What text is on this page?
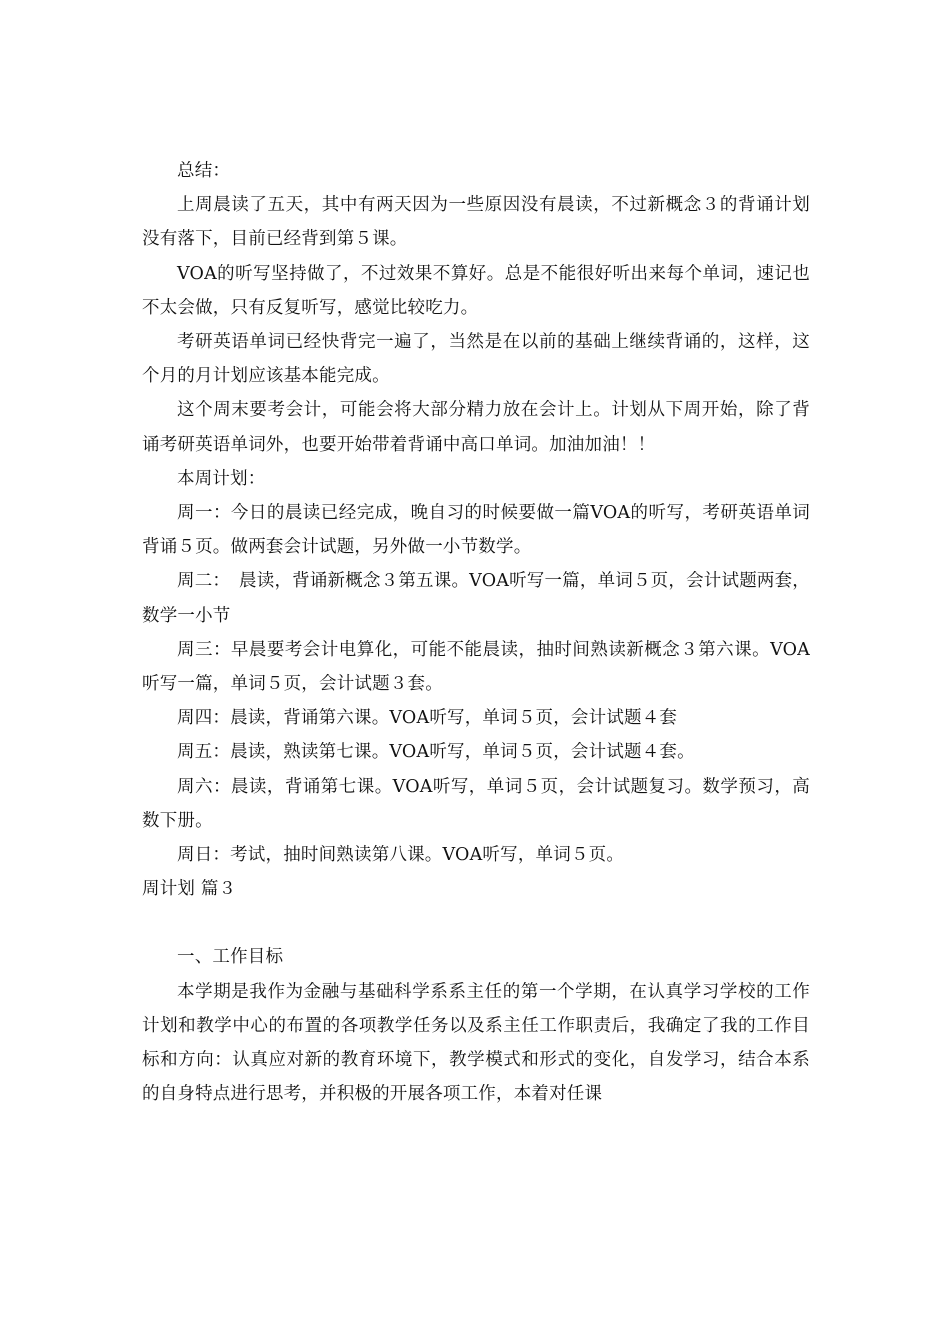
总结：

上周晨读了五天，其中有两天因为一些原因没有晨读，不过新概念３的背诵计划没有落下，目前已经背到第５课。

VOA的听写坚持做了，不过效果不算好。总是不能很好听出来每个单词，速记也不太会做，只有反复听写，感觉比较吃力。

考研英语单词已经快背完一遍了，当然是在以前的基础上继续背诵的，这样，这个月的月计划应该基本能完成。

这个周末要考会计，可能会将大部分精力放在会计上。计划从下周开始，除了背诵考研英语单词外，也要开始带着背诵中高口单词。加油加油！！

本周计划：

周一：今日的晨读已经完成，晚自习的时候要做一篇VOA的听写，考研英语单词背诵５页。做两套会计试题，另外做一小节数学。

周二：　晨读，背诵新概念３第五课。VOA听写一篇，单词５页，会计试题两套，数学一小节

周三：早晨要考会计电算化，可能不能晨读，抽时间熟读新概念３第六课。VOA听写一篇，单词５页，会计试题３套。

周四：晨读，背诵第六课。VOA听写，单词５页，会计试题４套

周五：晨读，熟读第七课。VOA听写，单词５页，会计试题４套。

周六：晨读，背诵第七课。VOA听写，单词５页，会计试题复习。数学预习，高数下册。

周日：考试，抽时间熟读第八课。VOA听写，单词５页。

周计划 篇３

一、工作目标

本学期是我作为金融与基础科学系系主任的第一个学期，在认真学习学校的工作计划和教学中心的布置的各项教学任务以及系主任工作职责后，我确定了我的工作目标和方向：认真应对新的教育环境下，教学模式和形式的变化，自发学习，结合本系的自身特点进行思考，并积极的开展各项工作，本着对任课
